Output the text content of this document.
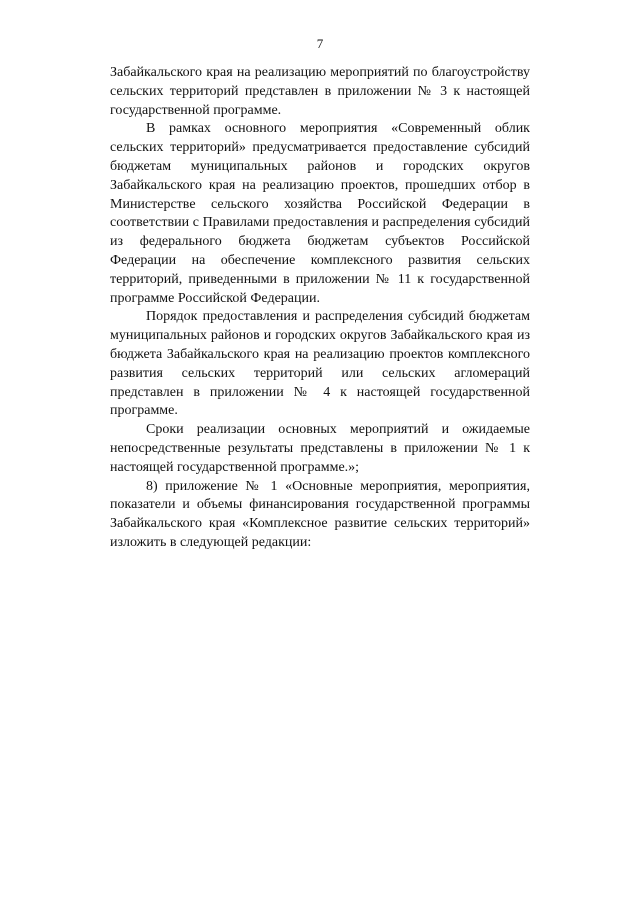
7

Забайкальского края на реализацию мероприятий по благоустройству сельских территорий представлен в приложении № 3 к настоящей государственной программе.

В рамках основного мероприятия «Современный облик сельских территорий» предусматривается предоставление субсидий бюджетам муниципальных районов и городских округов Забайкальского края на реализацию проектов, прошедших отбор в Министерстве сельского хозяйства Российской Федерации в соответствии с Правилами предоставления и распределения субсидий из федерального бюджета бюджетам субъектов Российской Федерации на обеспечение комплексного развития сельских территорий, приведенными в приложении № 11 к государственной программе Российской Федерации.

Порядок предоставления и распределения субсидий бюджетам муниципальных районов и городских округов Забайкальского края из бюджета Забайкальского края на реализацию проектов комплексного развития сельских территорий или сельских агломераций представлен в приложении № 4 к настоящей государственной программе.

Сроки реализации основных мероприятий и ожидаемые непосредственные результаты представлены в приложении № 1 к настоящей государственной программе.»;

8) приложение № 1 «Основные мероприятия, мероприятия, показатели и объемы финансирования государственной программы Забайкальского края «Комплексное развитие сельских территорий» изложить в следующей редакции:
